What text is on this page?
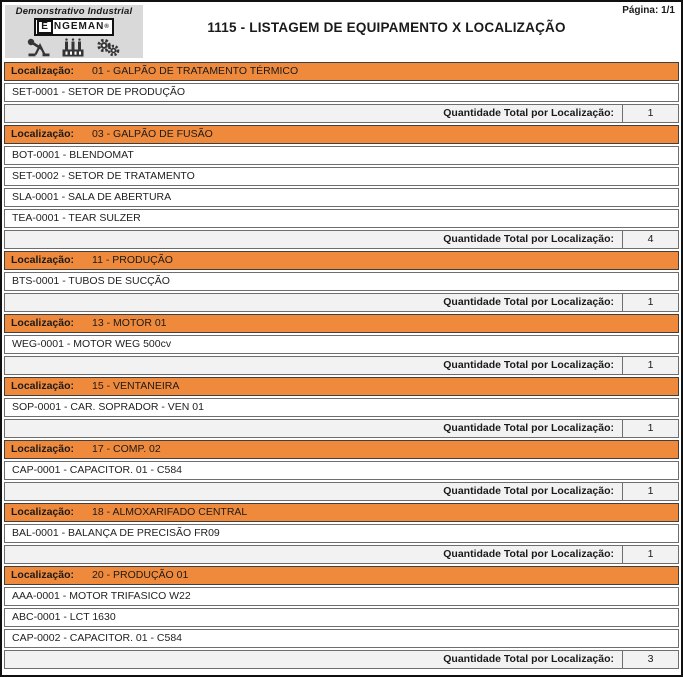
Demonstrativo Industrial
E NGEMAN ®	1115 - LISTAGEM DE EQUIPAMENTO X LOCALIZAÇÃO
Página: 1/1
Localização: 01 - GALPÃO DE TRATAMENTO TÉRMICO
SET-0001 - SETOR DE PRODUÇÃO
Quantidade Total por Localização:	1
Localização: 03 - GALPÃO DE FUSÃO
BOT-0001 - BLENDOMAT
SET-0002 - SETOR DE TRATAMENTO
SLA-0001 - SALA DE ABERTURA
TEA-0001 - TEAR SULZER
Quantidade Total por Localização:	4
Localização: 11 - PRODUÇÃO
BTS-0001 - TUBOS DE SUCÇÃO
Quantidade Total por Localização:	1
Localização: 13 - MOTOR 01
WEG-0001 - MOTOR WEG 500cv
Quantidade Total por Localização:	1
Localização: 15 - VENTANEIRA
SOP-0001 - CAR. SOPRADOR - VEN 01
Quantidade Total por Localização:	1
Localização: 17 - COMP. 02
CAP-0001 - CAPACITOR. 01 - C584
Quantidade Total por Localização:	1
Localização: 18 - ALMOXARIFADO CENTRAL
BAL-0001 - BALANÇA DE PRECISÃO FR09
Quantidade Total por Localização:	1
Localização: 20 - PRODUÇÃO 01
AAA-0001 - MOTOR TRIFASICO W22
ABC-0001 - LCT 1630
CAP-0002 - CAPACITOR. 01 - C584
Quantidade Total por Localização:	3
